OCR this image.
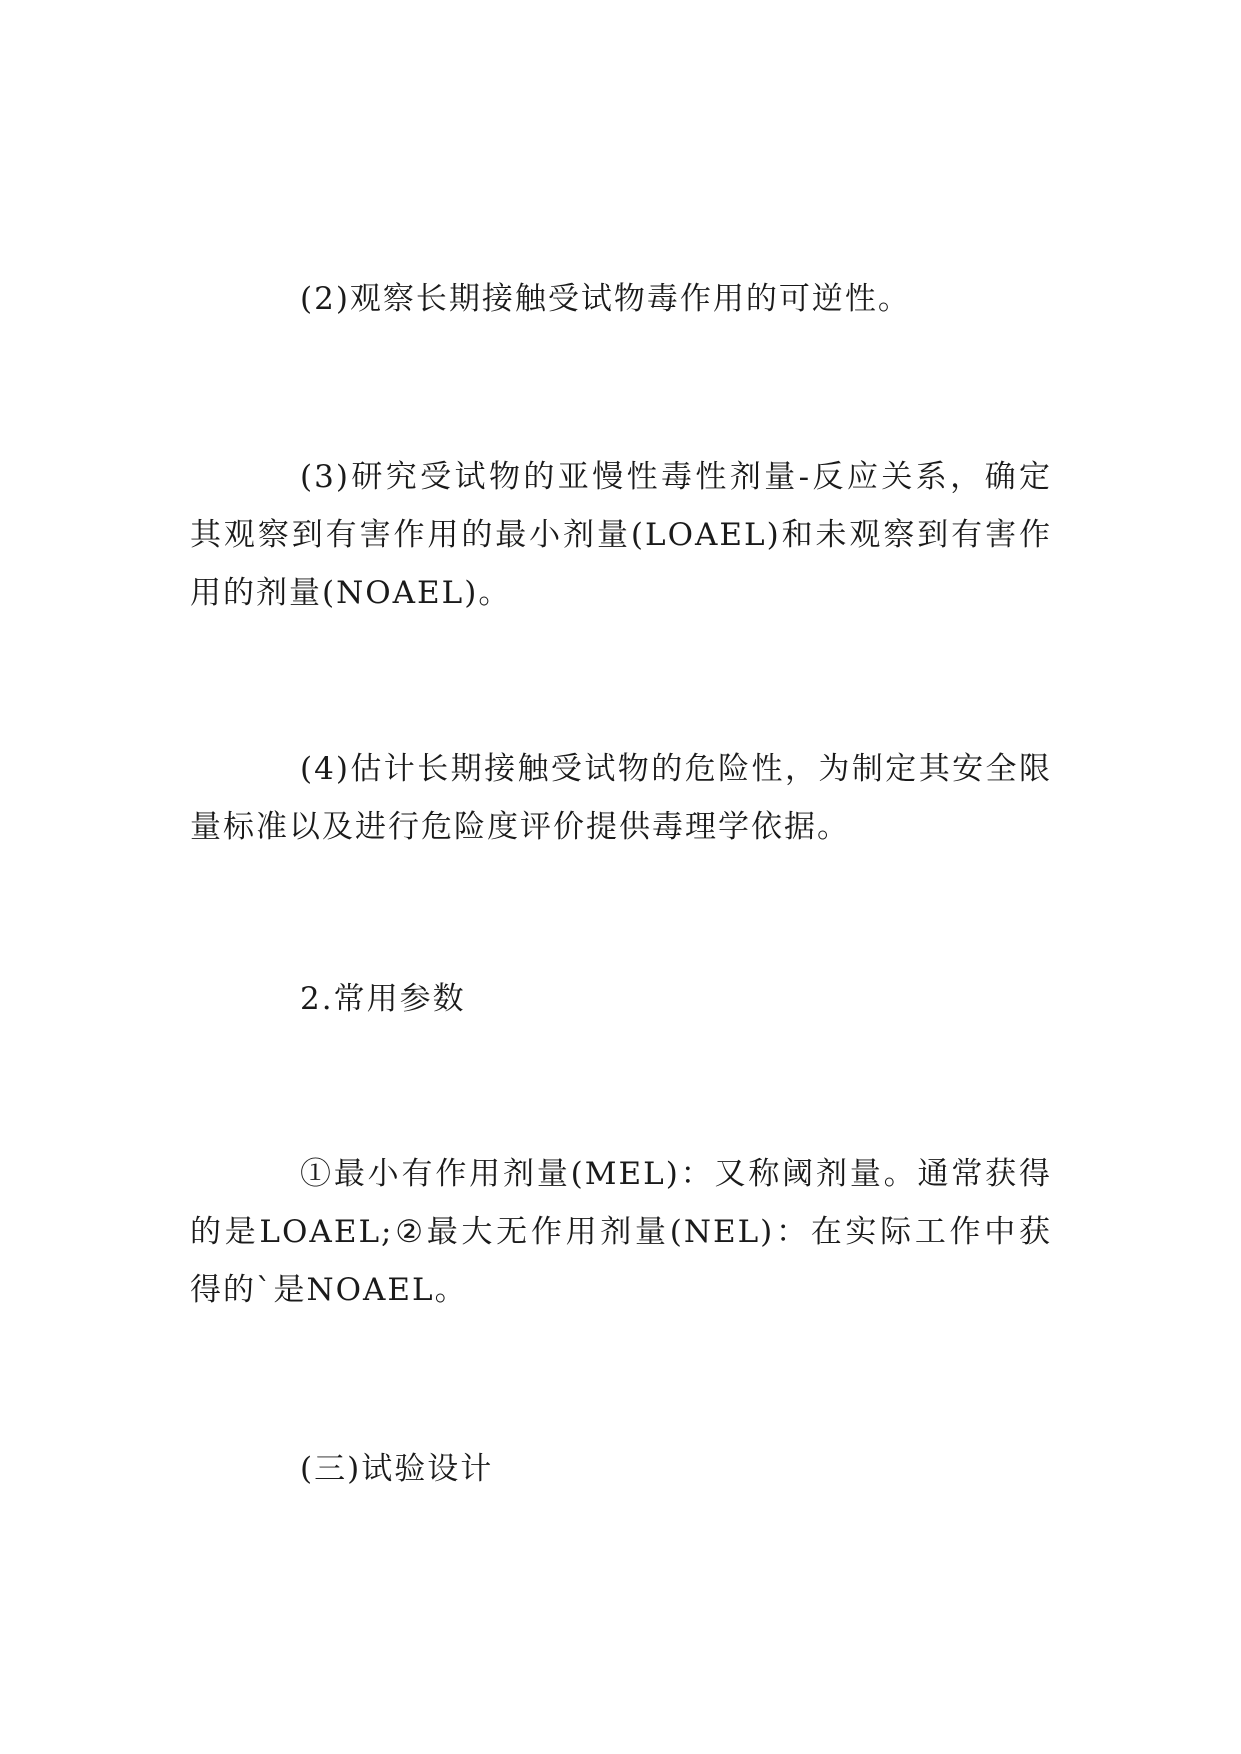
(2)观察长期接触受试物毒作用的可逆性。

(3)研究受试物的亚慢性毒性剂量-反应关系，确定其观察到有害作用的最小剂量(LOAEL)和未观察到有害作用的剂量(NOAEL)。

(4)估计长期接触受试物的危险性，为制定其安全限量标准以及进行危险度评价提供毒理学依据。

2.常用参数

①最小有作用剂量(MEL)：又称阈剂量。通常获得的是LOAEL;②最大无作用剂量(NEL)：在实际工作中获得的`是NOAEL。

(三)试验设计
